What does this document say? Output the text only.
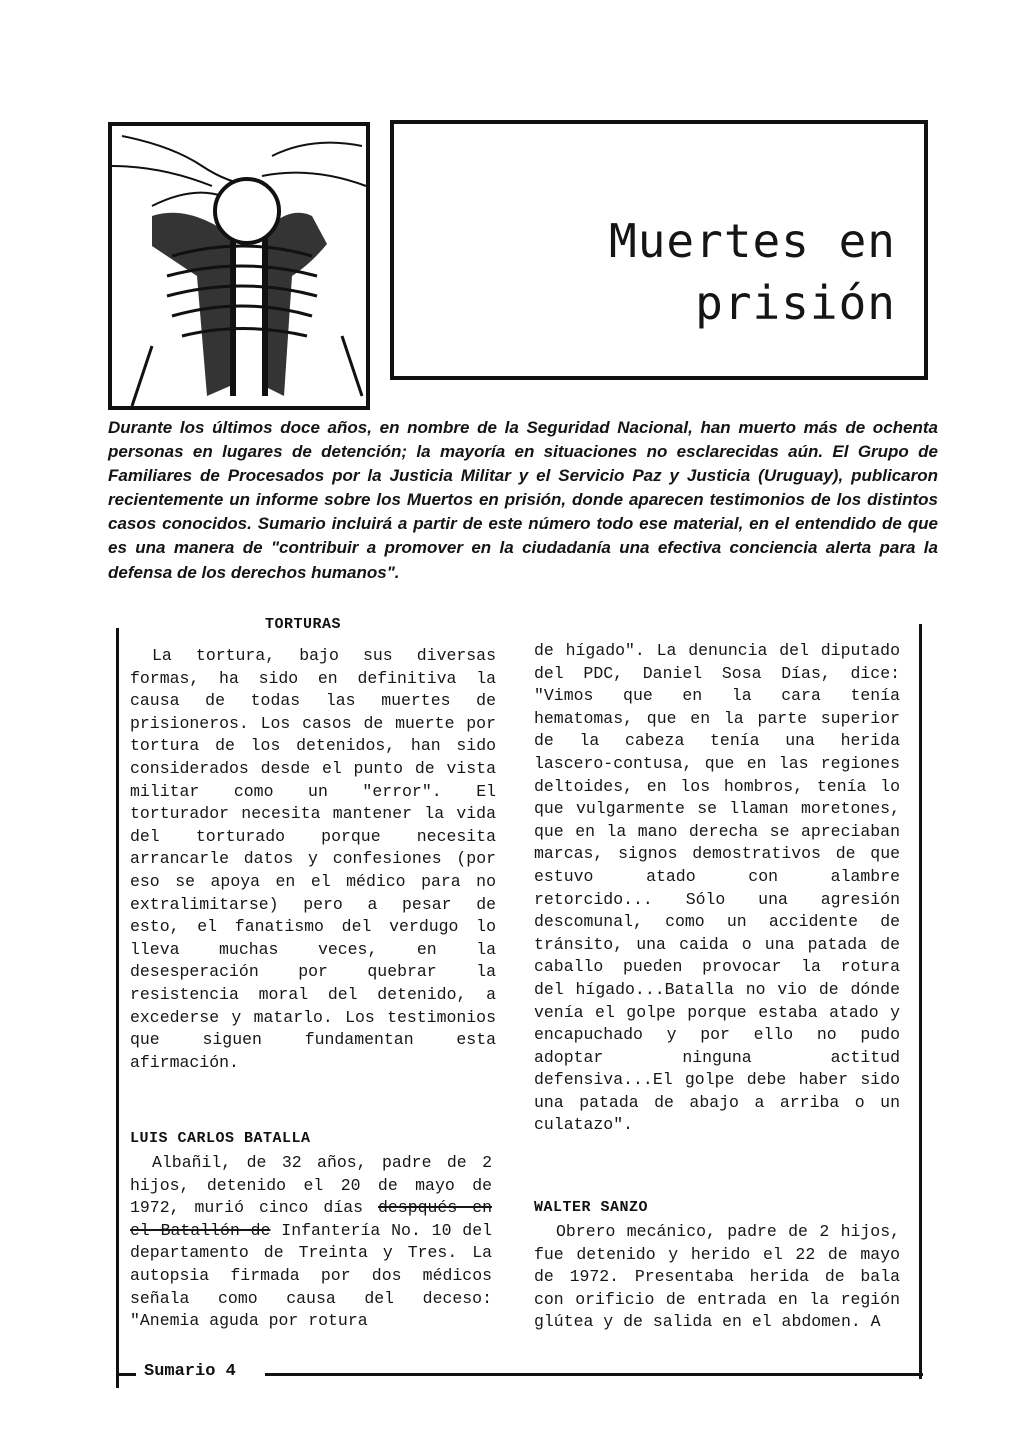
Muertes en
prisión
Durante los últimos doce años, en nombre de la Seguridad Nacional, han muerto más de ochenta personas en lugares de detención; la mayoría en situaciones no esclarecidas aún. El Grupo de Familiares de Procesados por la Justicia Militar y el Servicio Paz y Justicia (Uruguay), publicaron recientemente un informe sobre los Muertos en prisión, donde aparecen testimonios de los distintos casos conocidos. Sumario incluirá a partir de este número todo ese material, en el entendido de que es una manera de "contribuir a promover en la ciudadanía una efectiva conciencia alerta para la defensa de los derechos humanos".
TORTURAS

La tortura, bajo sus diversas formas, ha sido en definitiva la causa de todas las muertes de prisioneros. Los casos de muerte por tortura de los detenidos, han sido considerados desde el punto de vista militar como un "error". El torturador necesita mantener la vida del torturado porque necesita arrancarle datos y confesiones (por eso se apoya en el médico para no extralimitarse) pero a pesar de esto, el fanatismo del verdugo lo lleva muchas veces, en la desesperación por quebrar la resistencia moral del detenido, a excederse y matarlo. Los testimonios que siguen fundamentan esta afirmación.

LUIS CARLOS BATALLA

Albañil, de 32 años, padre de 2 hijos, detenido el 20 de mayo de 1972, murió cinco días despqués en el Batallón de Infantería No. 10 del departamento de Treinta y Tres. La autopsia firmada por dos médicos señala como causa del deceso: "Anemia aguda por rotura

de hígado". La denuncia del diputado del PDC, Daniel Sosa Días, dice: "Vimos que en la cara tenía hematomas, que en la parte superior de la cabeza tenía una herida lascero-contusa, que en las regiones deltoides, en los hombros, tenía lo que vulgarmente se llaman moretones, que en la mano derecha se apreciaban marcas, signos demostrativos de que estuvo atado con alambre retorcido... Sólo una agresión descomunal, como un accidente de tránsito, una caida o una patada de caballo pueden provocar la rotura del hígado...Batalla no vio de dónde venía el golpe porque estaba atado y encapuchado y por ello no pudo adoptar ninguna actitud defensiva...El golpe debe haber sido una patada de abajo a arriba o un culatazo".

WALTER SANZO

Obrero mecánico, padre de 2 hijos, fue detenido y herido el 22 de mayo de 1972. Presentaba herida de bala con orificio de entrada en la región glútea y de salida en el abdomen. A

Sumario 4
